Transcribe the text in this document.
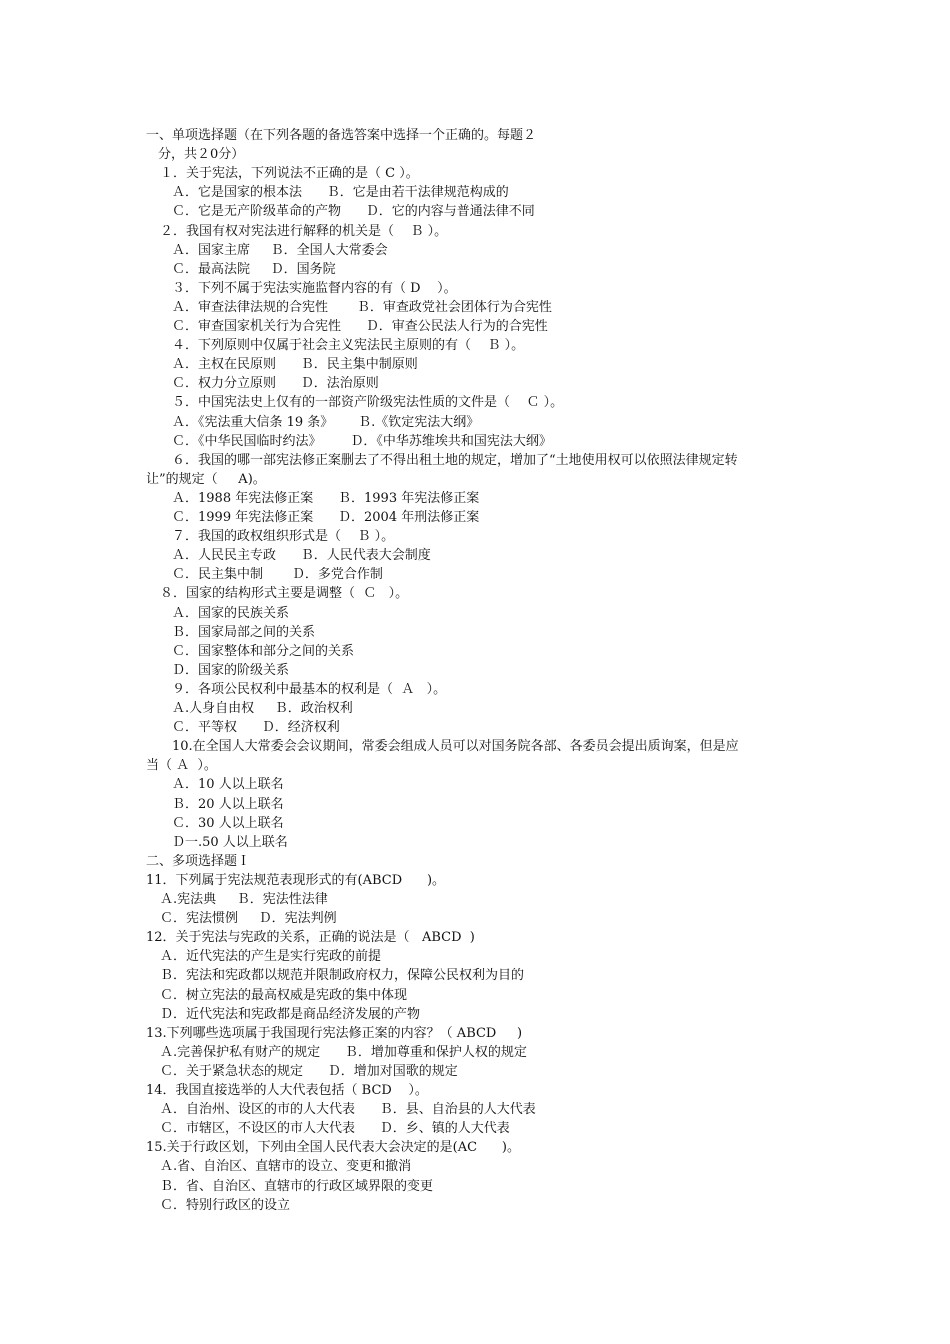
一、单项选择题（在下列各题的备选答案中选择一个正确的。每题２
分，共２0分）
１．关于宪法，下列说法不正确的是（ C ）。
Ａ．它是国家的根本法      Ｂ．它是由若干法律规范构成的
Ｃ．它是无产阶级革命的产物      Ｄ．它的内容与普通法律不同
２．我国有权对宪法进行解释的机关是（    Ｂ ）。
Ａ．国家主席     Ｂ．全国人大常委会
Ｃ．最高法院     Ｄ．国务院
３．下列不属于宪法实施监督内容的有（ D    ）。
Ａ．审查法律法规的合宪性       Ｂ．审查政党社会团体行为合宪性
Ｃ．审查国家机关行为合宪性      Ｄ．审查公民法人行为的合宪性
４．下列原则中仅属于社会主义宪法民主原则的有（    Ｂ ）。
Ａ．主权在民原则      Ｂ．民主集中制原则
Ｃ．权力分立原则      Ｄ．法治原则
５．中国宪法史上仅有的一部资产阶级宪法性质的文件是（    Ｃ ）。
Ａ．《宪法重大信条 19 条》      Ｂ.《钦定宪法大纲》
Ｃ．《中华民国临时约法》       Ｄ．《中华苏维埃共和国宪法大纲》
６．我国的哪一部宪法修正案删去了不得出租土地的规定，增加了“土地使用权可以依照法律规定转
让”的规定（     A)。
Ａ．1988 年宪法修正案      Ｂ．1993 年宪法修正案
Ｃ．1999 年宪法修正案      Ｄ．2004 年刑法修正案
７．我国的政权组织形式是（    Ｂ ）。
Ａ．人民民主专政      Ｂ．人民代表大会制度
Ｃ．民主集中制       Ｄ．多党合作制
８．国家的结构形式主要是调整（  Ｃ   ）。
Ａ．国家的民族关系
Ｂ．国家局部之间的关系
Ｃ．国家整体和部分之间的关系
Ｄ．国家的阶级关系
９．各项公民权利中最基本的权利是（  Ａ   ）。
Ａ.人身自由权     Ｂ．政治权利
Ｃ．平等权      Ｄ．经济权利
10.在全国人大常委会会议期间，常委会组成人员可以对国务院各部、各委员会提出质询案，但是应
当（ Ａ  ）。
Ａ．10 人以上联名
Ｂ．20 人以上联名
Ｃ．30 人以上联名
Ｄ一.50 人以上联名
二、多项选择题Ｉ
11．下列属于宪法规范表现形式的有(ABCD      )。
Ａ.宪法典     Ｂ．宪法性法律
Ｃ．宪法惯例     Ｄ．宪法判例
12．关于宪法与宪政的关系，正确的说法是（   ABCD  )
Ａ．近代宪法的产生是实行宪政的前提
Ｂ．宪法和宪政都以规范并限制政府权力，保障公民权利为目的
Ｃ．树立宪法的最高权威是宪政的集中体现
Ｄ．近代宪法和宪政都是商品经济发展的产物
13.下列哪些选项属于我国现行宪法修正案的内容？（ ABCD     )
Ａ.完善保护私有财产的规定      Ｂ．增加尊重和保护人权的规定
Ｃ．关于紧急状态的规定      Ｄ．增加对国歌的规定
14．我国直接选举的人大代表包括（ BCD    ）。
Ａ．自治州、设区的市的人大代表      Ｂ．县、自治县的人大代表
Ｃ．市辖区，不设区的市人大代表      Ｄ．乡、镇的人大代表
15.关于行政区划，下列由全国人民代表大会决定的是(AC      )。
Ａ.省、自治区、直辖市的设立、变更和撤消
Ｂ．省、自治区、直辖市的行政区域界限的变更
Ｃ．特别行政区的设立
